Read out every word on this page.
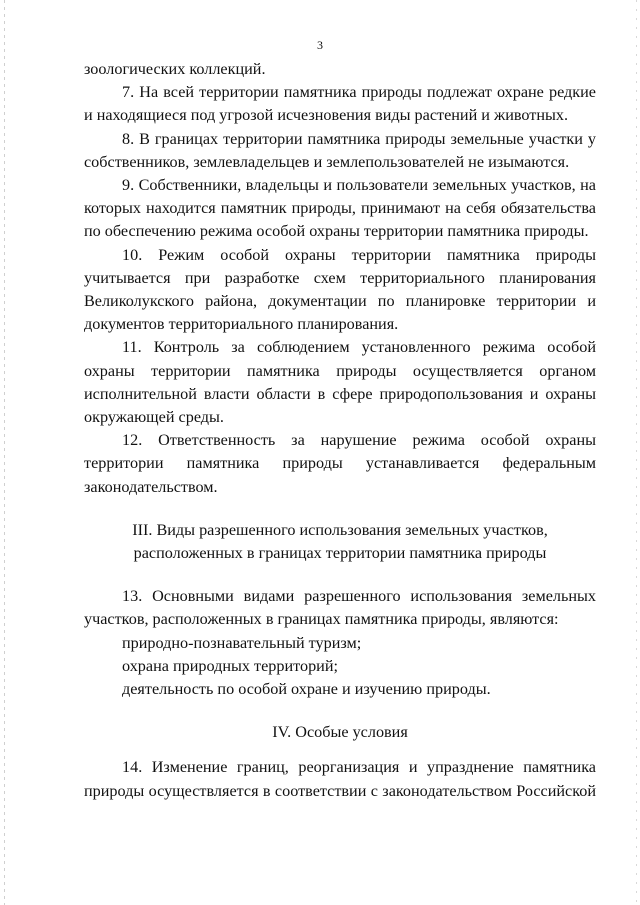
3

зоологических коллекций.

7. На всей территории памятника природы подлежат охране редкие и находящиеся под угрозой исчезновения виды растений и животных.

8. В границах территории памятника природы земельные участки у собственников, землевладельцев и землепользователей не изымаются.

9. Собственники, владельцы и пользователи земельных участков, на которых находится памятник природы, принимают на себя обязательства по обеспечению режима особой охраны территории памятника природы.

10. Режим особой охраны территории памятника природы учитывается при разработке схем территориального планирования Великолукского района, документации по планировке территории и документов территориального планирования.

11. Контроль за соблюдением установленного режима особой охраны территории памятника природы осуществляется органом исполнительной власти области в сфере природопользования и охраны окружающей среды.

12. Ответственность за нарушение режима особой охраны территории памятника природы устанавливается федеральным законодательством.

III. Виды разрешенного использования земельных участков,

расположенных в границах территории памятника природы

13. Основными видами разрешенного использования земельных участков, расположенных в границах памятника природы, являются:

природно-познавательный туризм;

охрана природных территорий;

деятельность по особой охране и изучению природы.

IV. Особые условия

14. Изменение границ, реорганизация и упразднение памятника природы осуществляется в соответствии с законодательством Российской
